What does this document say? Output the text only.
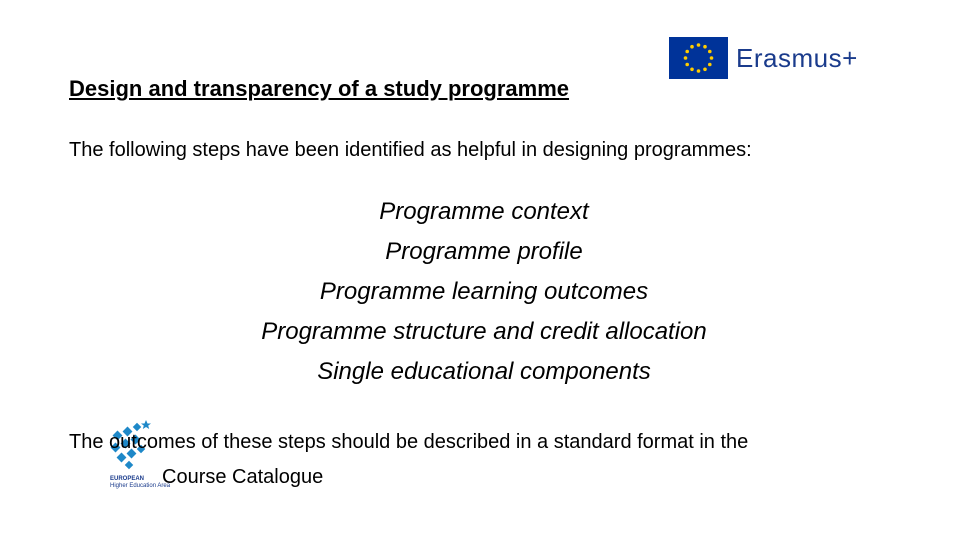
Erasmus+
Design and transparency of a study programme

The following steps have been identified as helpful in designing programmes:

Programme context
Programme profile
Programme learning outcomes
Programme structure and credit allocation
Single educational components
EUROPEAN
Higher Education Area

The outcomes of these steps should be described in a standard format in the
Course Catalogue
